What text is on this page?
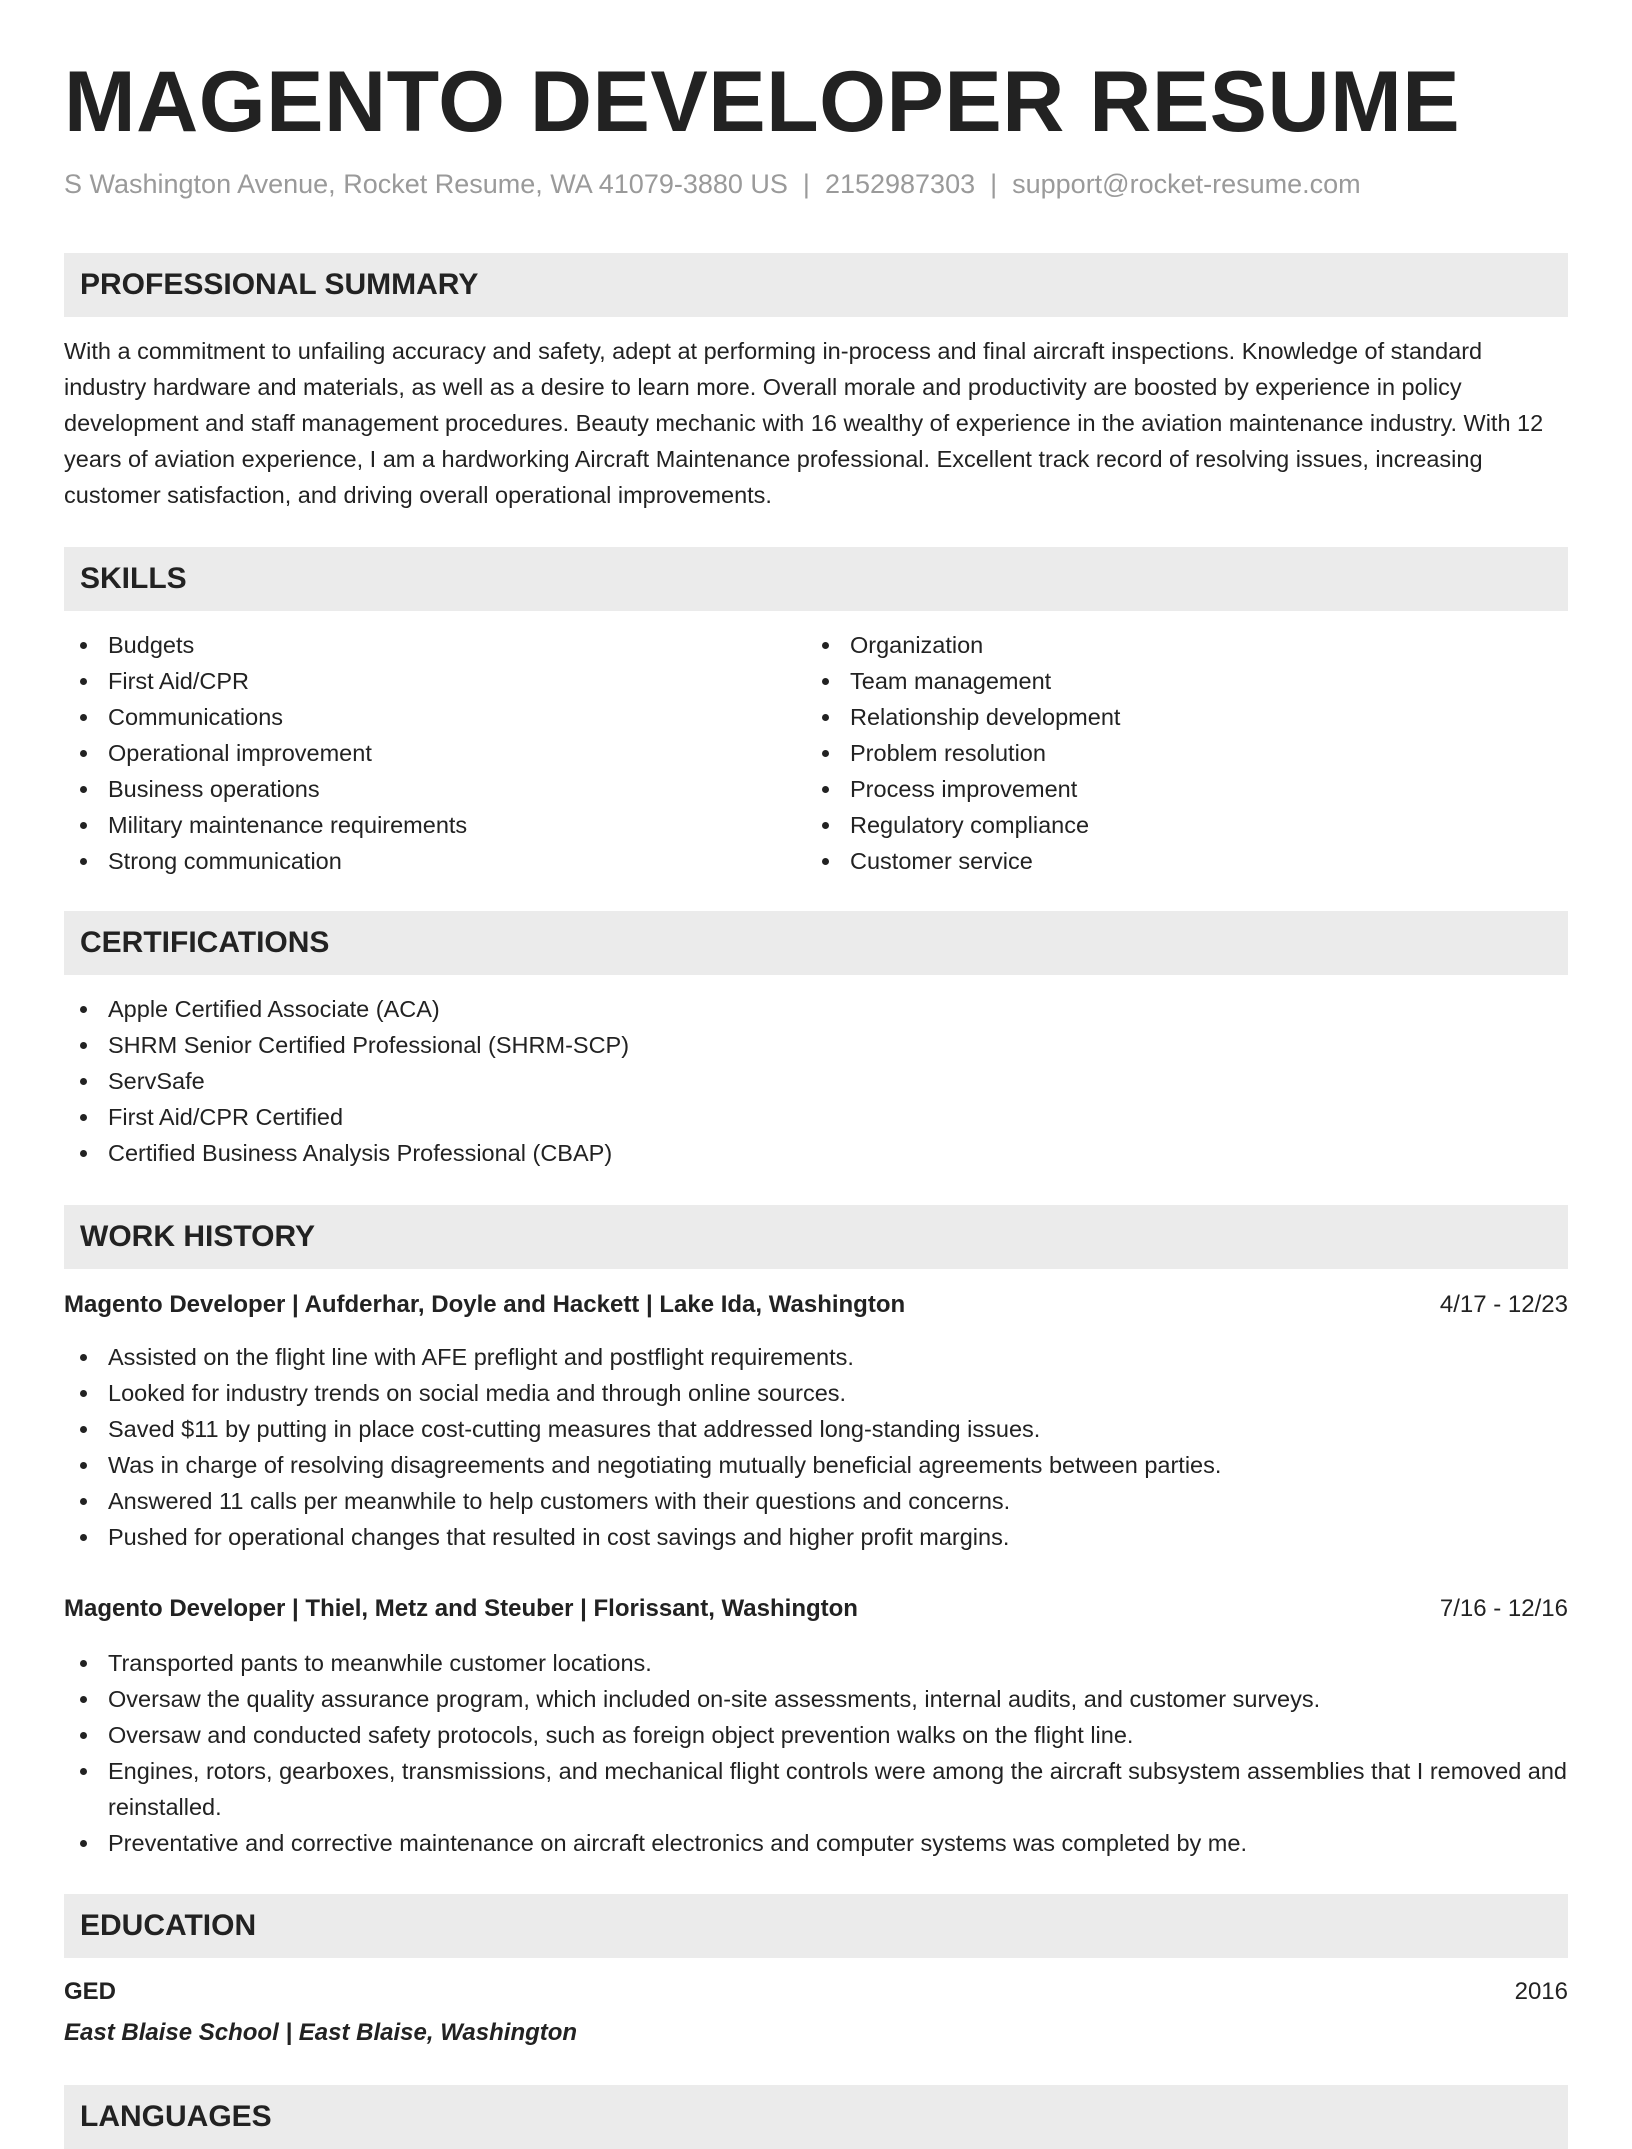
MAGENTO DEVELOPER RESUME
S Washington Avenue, Rocket Resume, WA 41079-3880 US | 2152987303 | support@rocket-resume.com
PROFESSIONAL SUMMARY

With a commitment to unfailing accuracy and safety, adept at performing in-process and final aircraft inspections. Knowledge of standard industry hardware and materials, as well as a desire to learn more. Overall morale and productivity are boosted by experience in policy development and staff management procedures. Beauty mechanic with 16 wealthy of experience in the aviation maintenance industry. With 12 years of aviation experience, I am a hardworking Aircraft Maintenance professional. Excellent track record of resolving issues, increasing customer satisfaction, and driving overall operational improvements.

SKILLS
Budgets
First Aid/CPR
Communications
Operational improvement
Business operations
Military maintenance requirements
Strong communication
Organization
Team management
Relationship development
Problem resolution
Process improvement
Regulatory compliance
Customer service
CERTIFICATIONS
Apple Certified Associate (ACA)
SHRM Senior Certified Professional (SHRM-SCP)
ServSafe
First Aid/CPR Certified
Certified Business Analysis Professional (CBAP)
WORK HISTORY
Magento Developer | Aufderhar, Doyle and Hackett | Lake Ida, Washington	4/17 - 12/23
Assisted on the flight line with AFE preflight and postflight requirements.
Looked for industry trends on social media and through online sources.
Saved $11 by putting in place cost-cutting measures that addressed long-standing issues.
Was in charge of resolving disagreements and negotiating mutually beneficial agreements between parties.
Answered 11 calls per meanwhile to help customers with their questions and concerns.
Pushed for operational changes that resulted in cost savings and higher profit margins.
Magento Developer | Thiel, Metz and Steuber | Florissant, Washington	7/16 - 12/16
Transported pants to meanwhile customer locations.
Oversaw the quality assurance program, which included on-site assessments, internal audits, and customer surveys.
Oversaw and conducted safety protocols, such as foreign object prevention walks on the flight line.
Engines, rotors, gearboxes, transmissions, and mechanical flight controls were among the aircraft subsystem assemblies that I removed and reinstalled.
Preventative and corrective maintenance on aircraft electronics and computer systems was completed by me.
EDUCATION
GED	2016
East Blaise School | East Blaise, Washington
LANGUAGES
